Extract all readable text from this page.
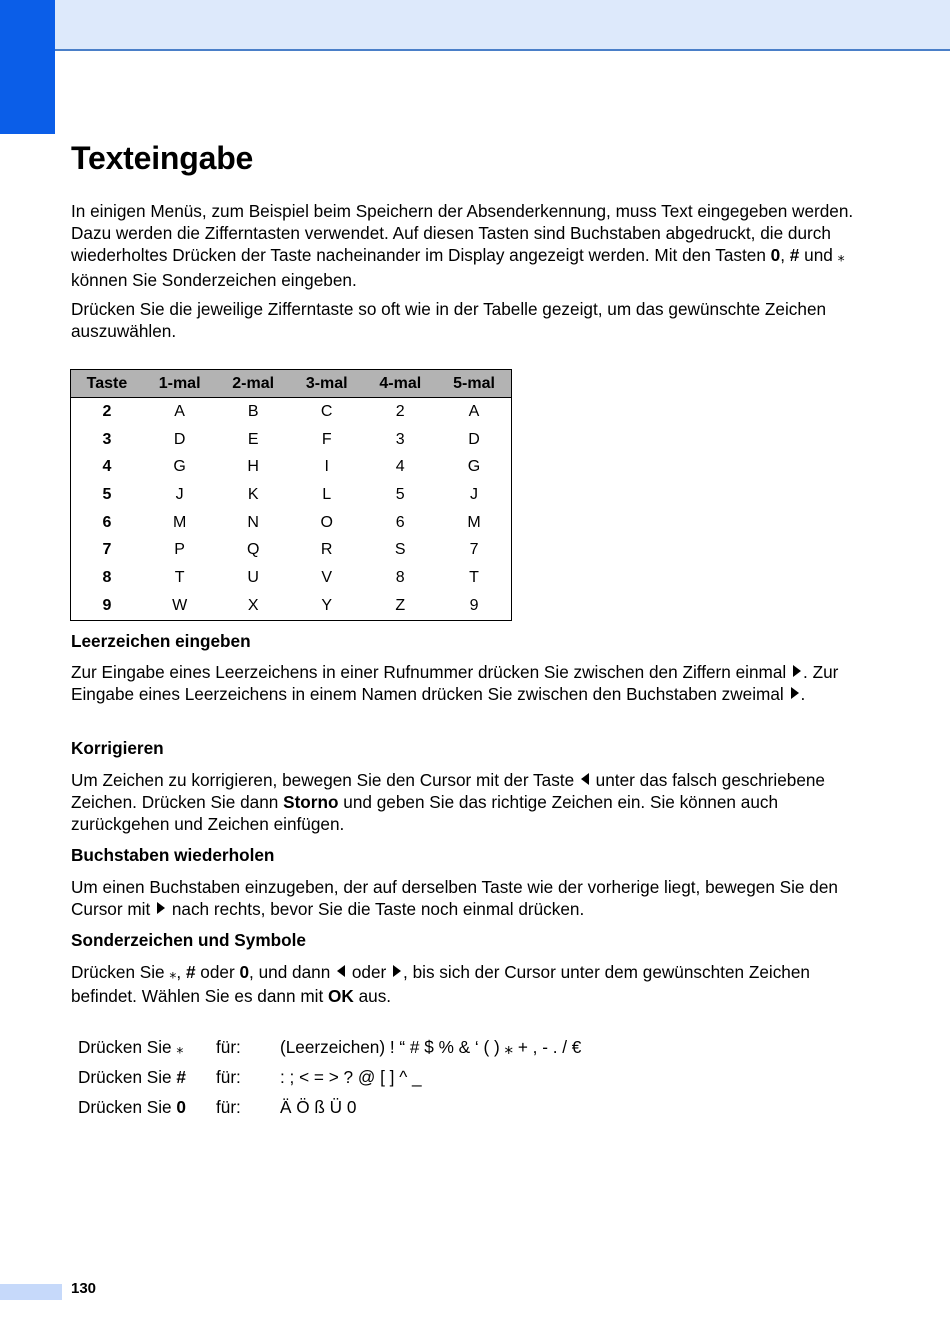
Texteingabe

In einigen Menüs, zum Beispiel beim Speichern der Absenderkennung, muss Text eingegeben werden. Dazu werden die Zifferntasten verwendet. Auf diesen Tasten sind Buchstaben abgedruckt, die durch wiederholtes Drücken der Taste nacheinander im Display angezeigt werden. Mit den Tasten 0, # und ⁎ können Sie Sonderzeichen eingeben.

Drücken Sie die jeweilige Zifferntaste so oft wie in der Tabelle gezeigt, um das gewünschte Zeichen auszuwählen.

Taste	1-mal	2-mal	3-mal	4-mal	5-mal
2	A	B	C	2	A
3	D	E	F	3	D
4	G	H	I	4	G
5	J	K	L	5	J
6	M	N	O	6	M
7	P	Q	R	S	7
8	T	U	V	8	T
9	W	X	Y	Z	9
Leerzeichen eingeben

Zur Eingabe eines Leerzeichens in einer Rufnummer drücken Sie zwischen den Ziffern einmal . Zur Eingabe eines Leerzeichens in einem Namen drücken Sie zwischen den Buchstaben zweimal .

Korrigieren

Um Zeichen zu korrigieren, bewegen Sie den Cursor mit der Taste  unter das falsch geschriebene Zeichen. Drücken Sie dann Storno und geben Sie das richtige Zeichen ein. Sie können auch zurückgehen und Zeichen einfügen.

Buchstaben wiederholen

Um einen Buchstaben einzugeben, der auf derselben Taste wie der vorherige liegt, bewegen Sie den Cursor mit  nach rechts, bevor Sie die Taste noch einmal drücken.

Sonderzeichen und Symbole

Drücken Sie ⁎, # oder 0, und dann  oder , bis sich der Cursor unter dem gewünschten Zeichen befindet. Wählen Sie es dann mit OK aus.

Drücken Sie ⁎	für:	(Leerzeichen) ! “ # $ % & ‘ ( ) ⁎ + , - . / €
Drücken Sie #	für:	: ; < = > ? @ [ ] ^ _
Drücken Sie 0	für:	Ä Ö ß Ü 0
130
